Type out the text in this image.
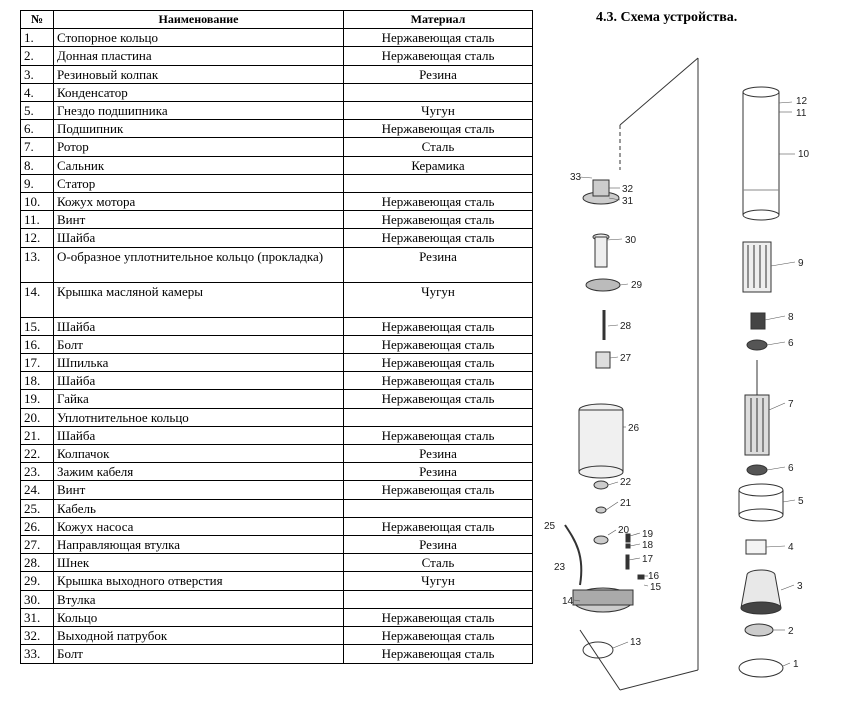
№	Наименование	Материал
1.	Стопорное кольцо	Нержавеющая сталь
2.	Донная пластина	Нержавеющая сталь
3.	Резиновый колпак	Резина
4.	Конденсатор	
5.	Гнездо подшипника	Чугун
6.	Подшипник	Нержавеющая сталь
7.	Ротор	Сталь
8.	Сальник	Керамика
9.	Статор	
10.	Кожух мотора	Нержавеющая сталь
11.	Винт	Нержавеющая сталь
12.	Шайба	Нержавеющая сталь
13.	О-образное уплотнительное кольцо (прокладка)	Резина
14.	Крышка масляной камеры	Чугун
15.	Шайба	Нержавеющая сталь
16.	Болт	Нержавеющая сталь
17.	Шпилька	Нержавеющая сталь
18.	Шайба	Нержавеющая сталь
19.	Гайка	Нержавеющая сталь
20.	Уплотнительное кольцо	
21.	Шайба	Нержавеющая сталь
22.	Колпачок	Резина
23.	Зажим кабеля	Резина
24.	Винт	Нержавеющая сталь
25.	Кабель	
26.	Кожух насоса	Нержавеющая сталь
27.	Направляющая втулка	Резина
28.	Шнек	Сталь
29.	Крышка выходного отверстия	Чугун
30.	Втулка	
31.	Кольцо	Нержавеющая сталь
32.	Выходной патрубок	Нержавеющая сталь
33.	Болт	Нержавеющая сталь
4.3. Схема устройства.
1
2
3
4
5
6
6
7
8
9
10
11
12
13
14
15
16
17
18
19
20
21
22
23
25
26
27
28
29
30
31
32
33
